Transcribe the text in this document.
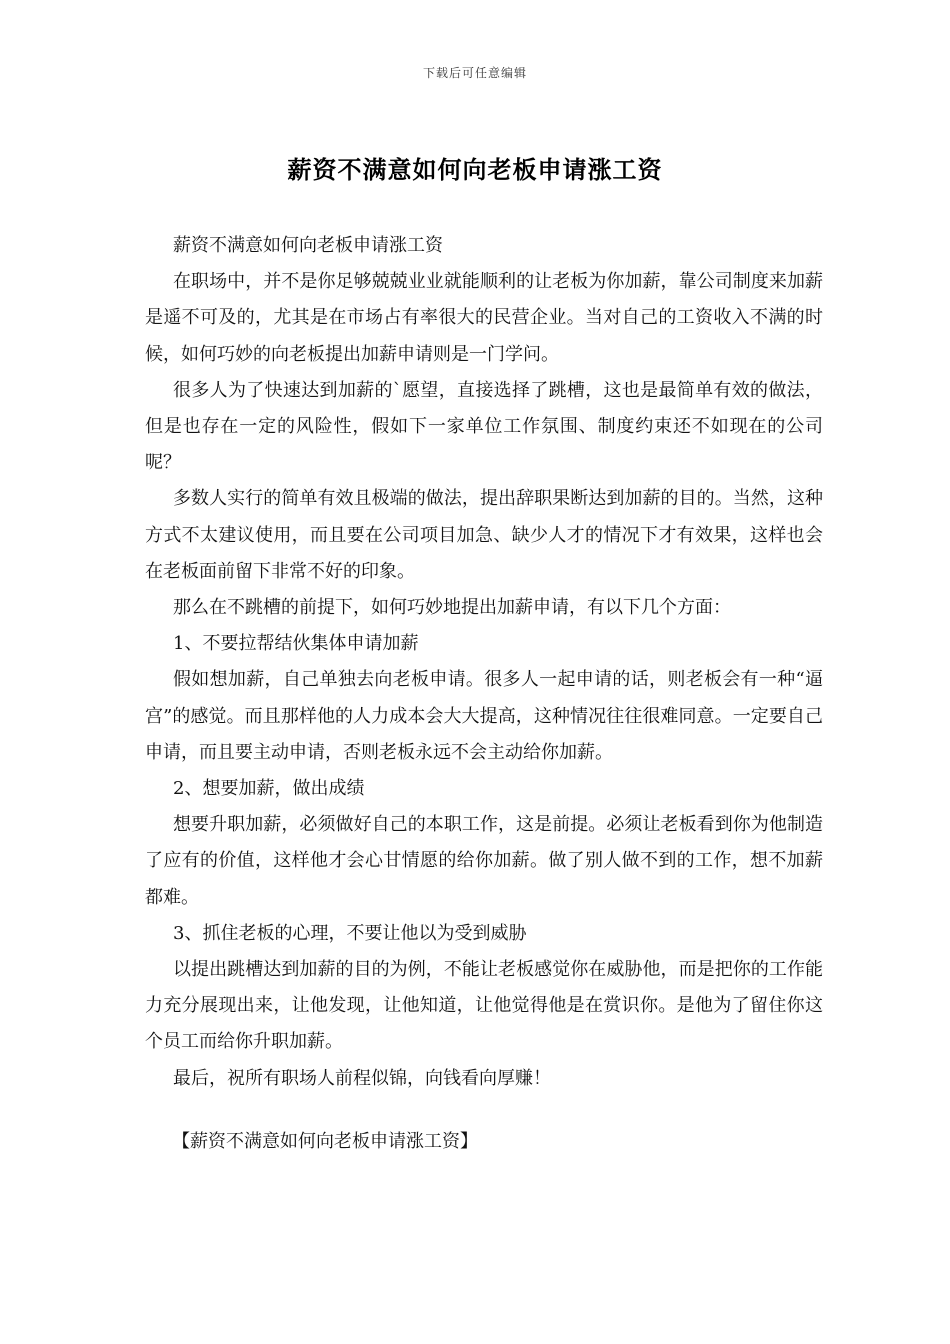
下载后可任意编辑
薪资不满意如何向老板申请涨工资

薪资不满意如何向老板申请涨工资

在职场中，并不是你足够兢兢业业就能顺利的让老板为你加薪，靠公司制度来加薪是遥不可及的，尤其是在市场占有率很大的民营企业。当对自己的工资收入不满的时候，如何巧妙的向老板提出加薪申请则是一门学问。

很多人为了快速达到加薪的`愿望，直接选择了跳槽，这也是最简单有效的做法，但是也存在一定的风险性，假如下一家单位工作氛围、制度约束还不如现在的公司呢？

多数人实行的简单有效且极端的做法，提出辞职果断达到加薪的目的。当然，这种方式不太建议使用，而且要在公司项目加急、缺少人才的情况下才有效果，这样也会在老板面前留下非常不好的印象。

那么在不跳槽的前提下，如何巧妙地提出加薪申请，有以下几个方面：

1、不要拉帮结伙集体申请加薪

假如想加薪，自己单独去向老板申请。很多人一起申请的话，则老板会有一种“逼宫”的感觉。而且那样他的人力成本会大大提高，这种情况往往很难同意。一定要自己申请，而且要主动申请，否则老板永远不会主动给你加薪。

2、想要加薪，做出成绩

想要升职加薪，必须做好自己的本职工作，这是前提。必须让老板看到你为他制造了应有的价值，这样他才会心甘情愿的给你加薪。做了别人做不到的工作，想不加薪都难。

3、抓住老板的心理，不要让他以为受到威胁

以提出跳槽达到加薪的目的为例，不能让老板感觉你在威胁他，而是把你的工作能力充分展现出来，让他发现，让他知道，让他觉得他是在赏识你。是他为了留住你这个员工而给你升职加薪。

最后，祝所有职场人前程似锦，向钱看向厚赚！

【薪资不满意如何向老板申请涨工资】
